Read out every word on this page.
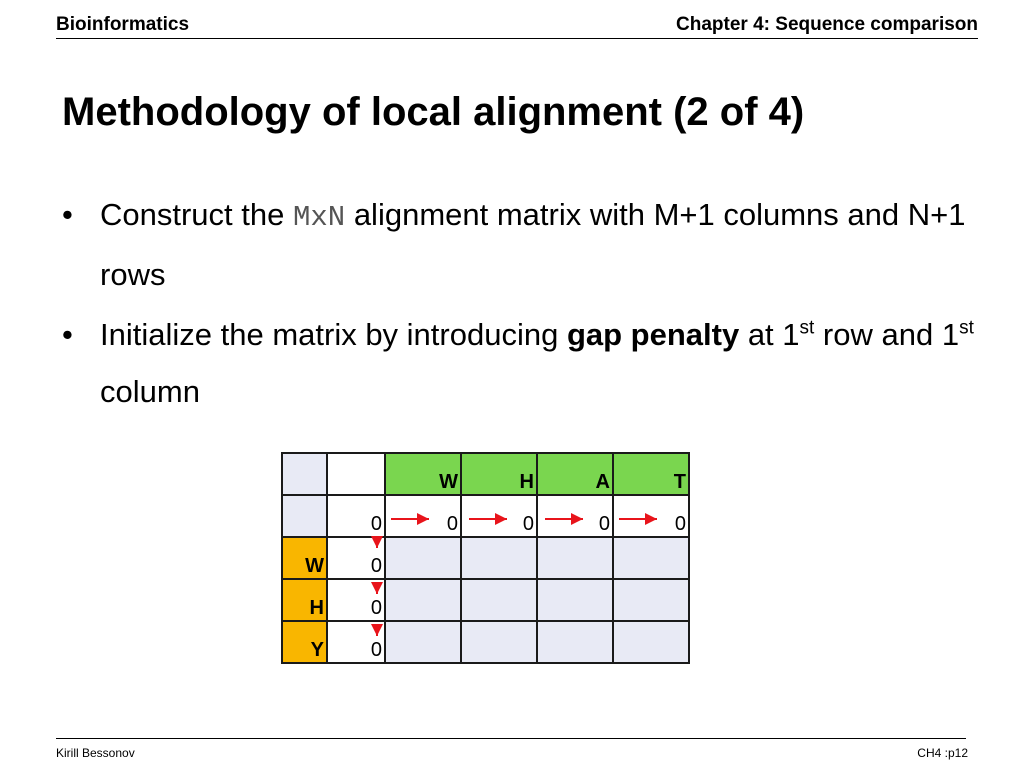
Bioinformatics	Chapter 4: Sequence comparison
Methodology of local alignment (2 of 4)
• Construct the MxN alignment matrix with M+1 columns and N+1 rows
• Initialize the matrix by introducing gap penalty at 1st row and 1st column
		W	H	A	T
	0	0	0	0	0
W	0				
H	0				
Y	0				
Kirill Bessonov	CH4 :p12
